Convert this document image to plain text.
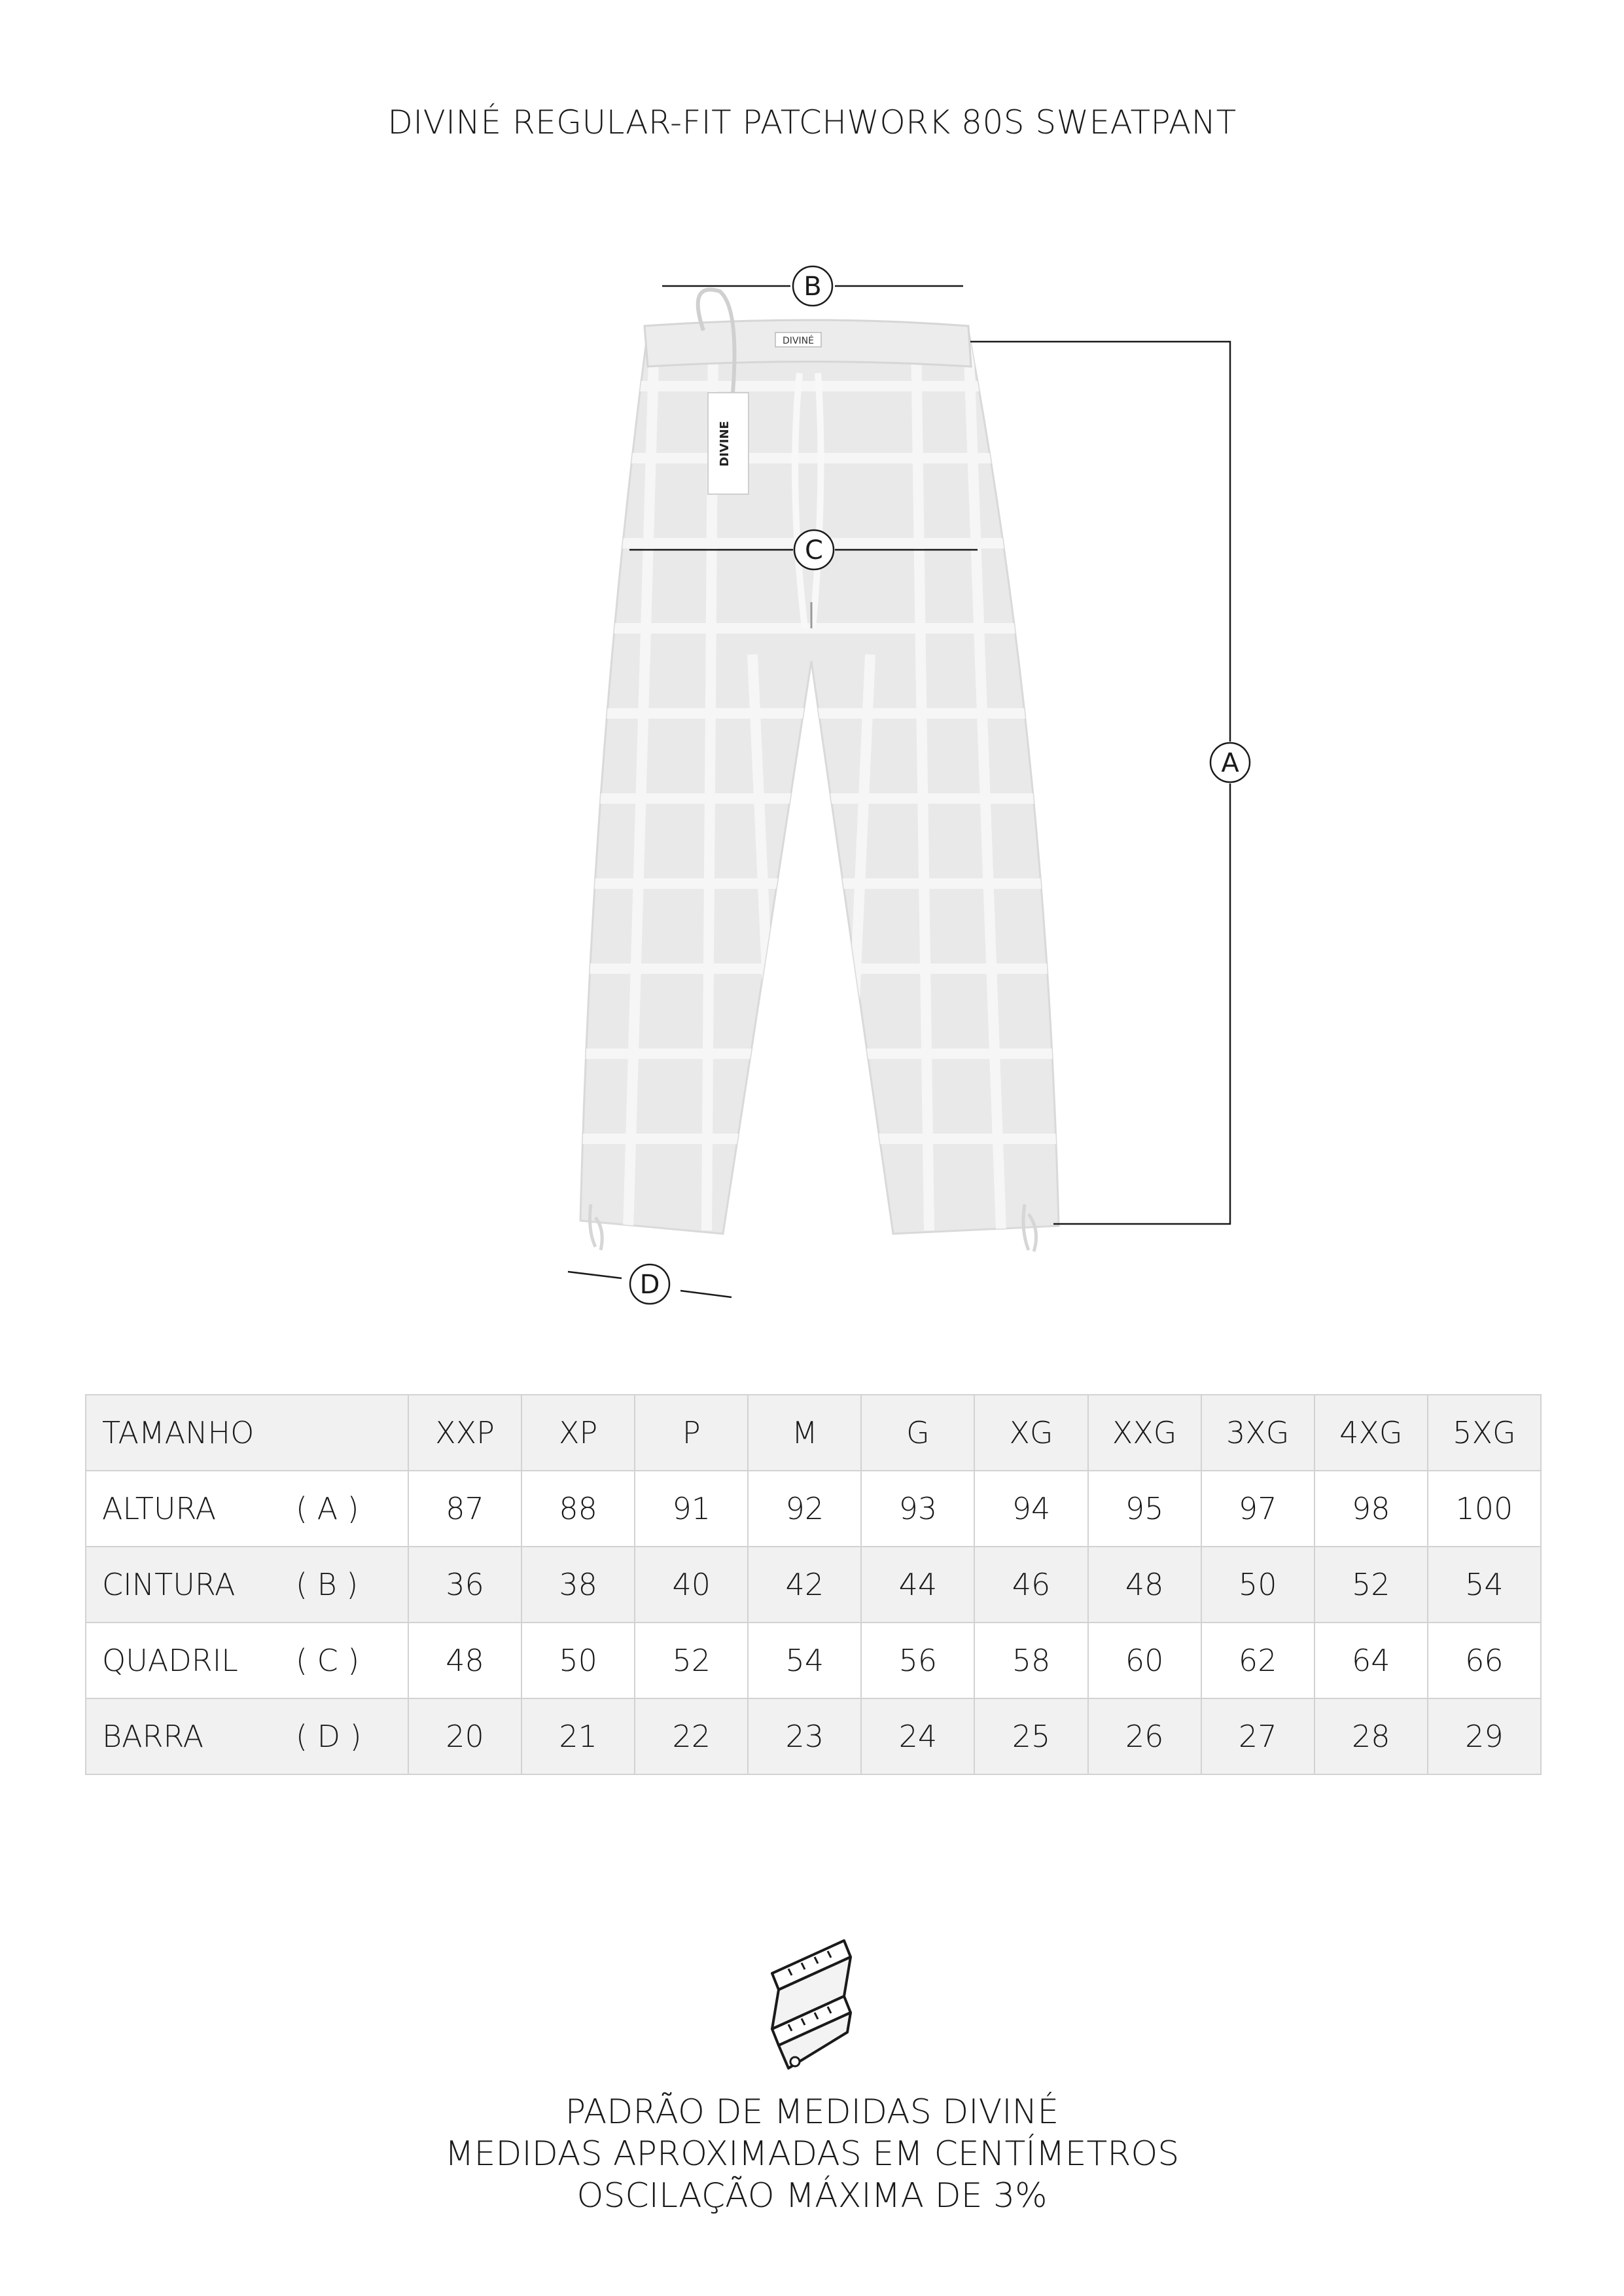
DIVINÉ REGULAR-FIT PATCHWORK 80S SWEATPANT
DIVINÉ
DIVINE
B
C
A
D
TAMANHO	XXP	XP	P	M	G	XG	XXG	3XG	4XG	5XG

ALTURA ( A )	87	88	91	92	93	94	95	97	98	100

CINTURA ( B )	36	38	40	42	44	46	48	50	52	54

QUADRIL ( C )	48	50	52	54	56	58	60	62	64	66

BARRA ( D )	20	21	22	23	24	25	26	27	28	29
PADRÃO DE MEDIDAS DIVINÉ
MEDIDAS APROXIMADAS EM CENTÍMETROS
OSCILAÇÃO MÁXIMA DE 3%
